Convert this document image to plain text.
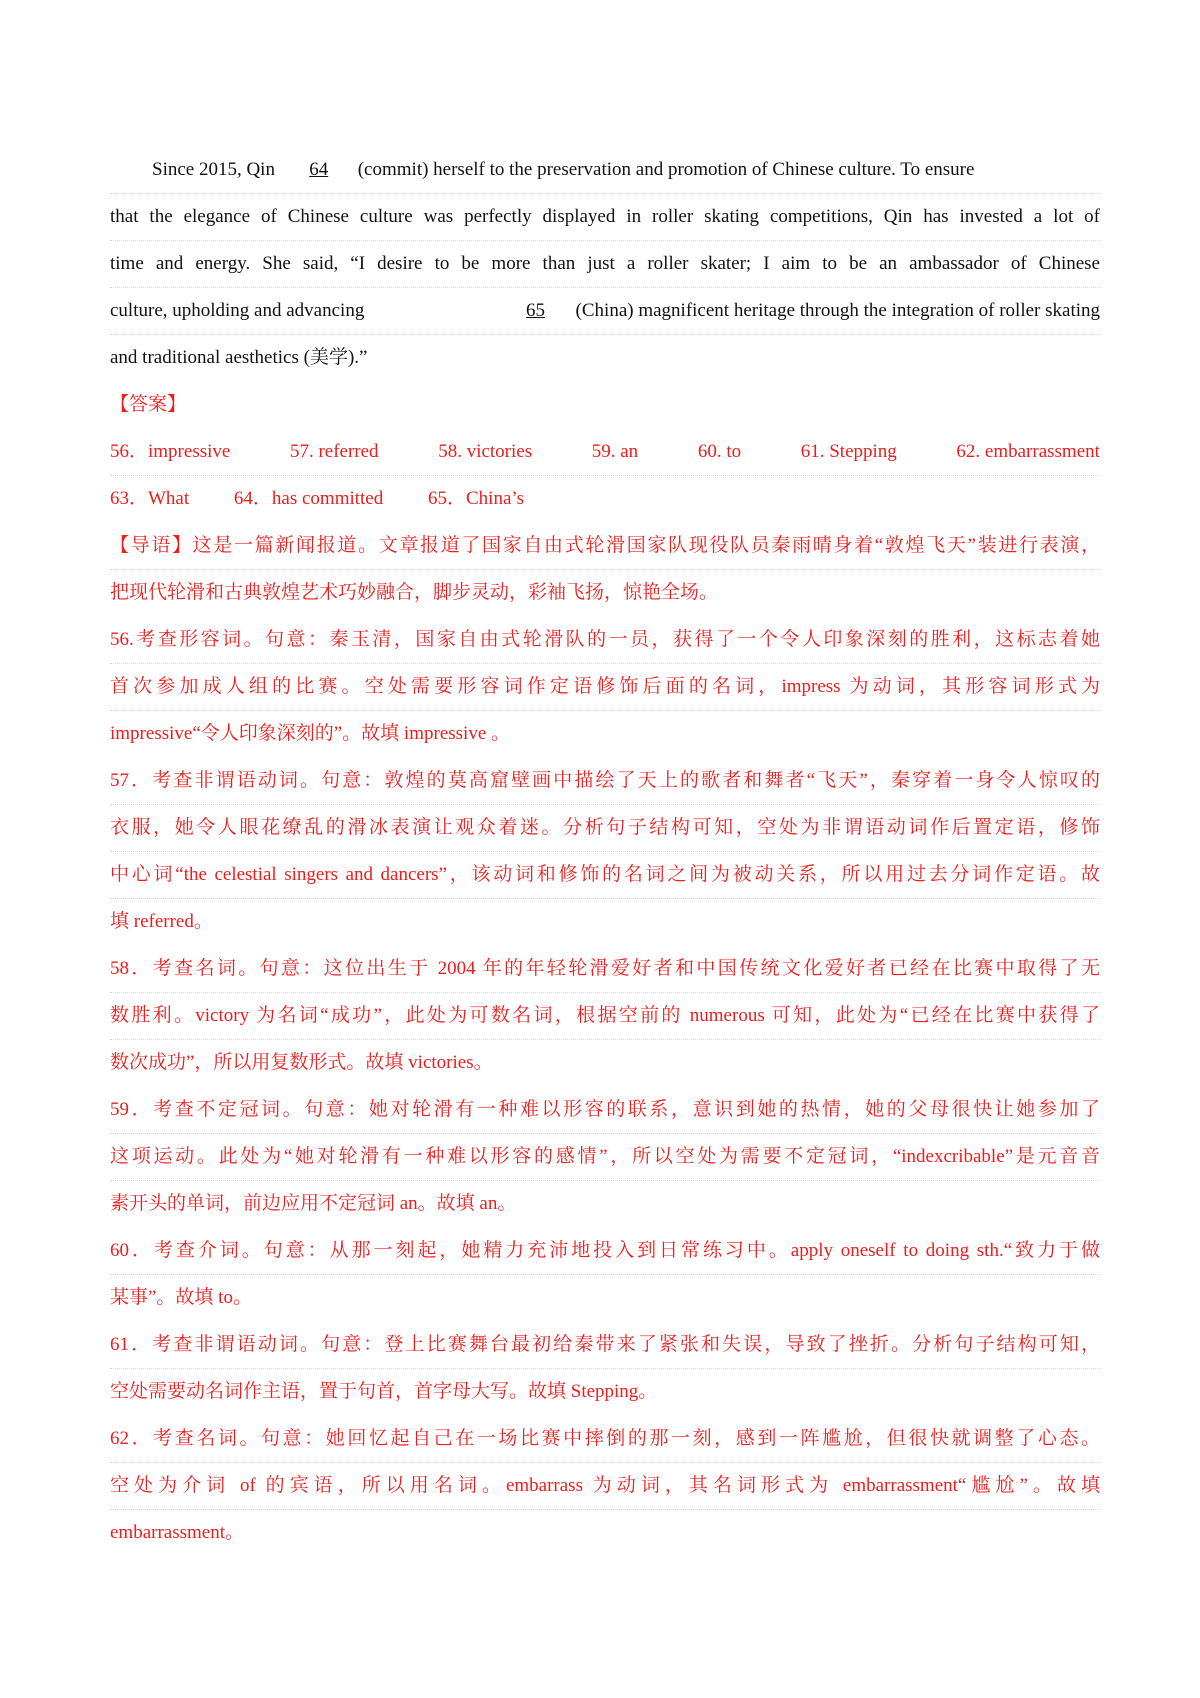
Since 2015, Qin 64 (commit) herself to the preservation and promotion of Chinese culture. To ensure
that the elegance of Chinese culture was perfectly displayed in roller skating competitions, Qin has invested a lot of
time and energy. She said, “I desire to be more than just a roller skater; I aim to be an ambassador of Chinese
culture, upholding and advancing	65 (China) magnificent heritage through the integration of roller skating
and traditional aesthetics (美学).”
【答案】
56．impressive	57. referred	58. victories	59. an	60. to	61. Stepping	62. embarrassment
63．What 64．has committed 65．China’s
【导语】这是一篇新闻报道。文章报道了国家自由式轮滑国家队现役队员秦雨晴身着“敦煌飞天”装进行表演，
把现代轮滑和古典敦煌艺术巧妙融合，脚步灵动，彩袖飞扬，惊艳全场。
56.考查形容词。句意：秦玉清，国家自由式轮滑队的一员，获得了一个令人印象深刻的胜利，这标志着她
首次参加成人组的比赛。空处需要形容词作定语修饰后面的名词，impress 为动词，其形容词形式为
impressive“令人印象深刻的”。故填 impressive 。
57．考查非谓语动词。句意：敦煌的莫高窟壁画中描绘了天上的歌者和舞者“飞天”，秦穿着一身令人惊叹的
衣服，她令人眼花缭乱的滑冰表演让观众着迷。分析句子结构可知，空处为非谓语动词作后置定语，修饰
中心词“the celestial singers and dancers”，该动词和修饰的名词之间为被动关系，所以用过去分词作定语。故
填 referred。
58．考查名词。句意：这位出生于 2004 年的年轻轮滑爱好者和中国传统文化爱好者已经在比赛中取得了无
数胜利。victory 为名词“成功”，此处为可数名词，根据空前的 numerous 可知，此处为“已经在比赛中获得了
数次成功”，所以用复数形式。故填 victories。
59．考查不定冠词。句意：她对轮滑有一种难以形容的联系，意识到她的热情，她的父母很快让她参加了
这项运动。此处为“她对轮滑有一种难以形容的感情”，所以空处为需要不定冠词，“indexcribable”是元音音
素开头的单词，前边应用不定冠词 an。故填 an。
60．考查介词。句意：从那一刻起，她精力充沛地投入到日常练习中。apply oneself to doing sth.“致力于做
某事”。故填 to。
61．考查非谓语动词。句意：登上比赛舞台最初给秦带来了紧张和失误，导致了挫折。分析句子结构可知，
空处需要动名词作主语，置于句首，首字母大写。故填 Stepping。
62．考查名词。句意：她回忆起自己在一场比赛中摔倒的那一刻，感到一阵尴尬，但很快就调整了心态。
空处为介词 of 的宾语，所以用名词。embarrass 为动词，其名词形式为 embarrassment“尴尬”。故填
embarrassment。
